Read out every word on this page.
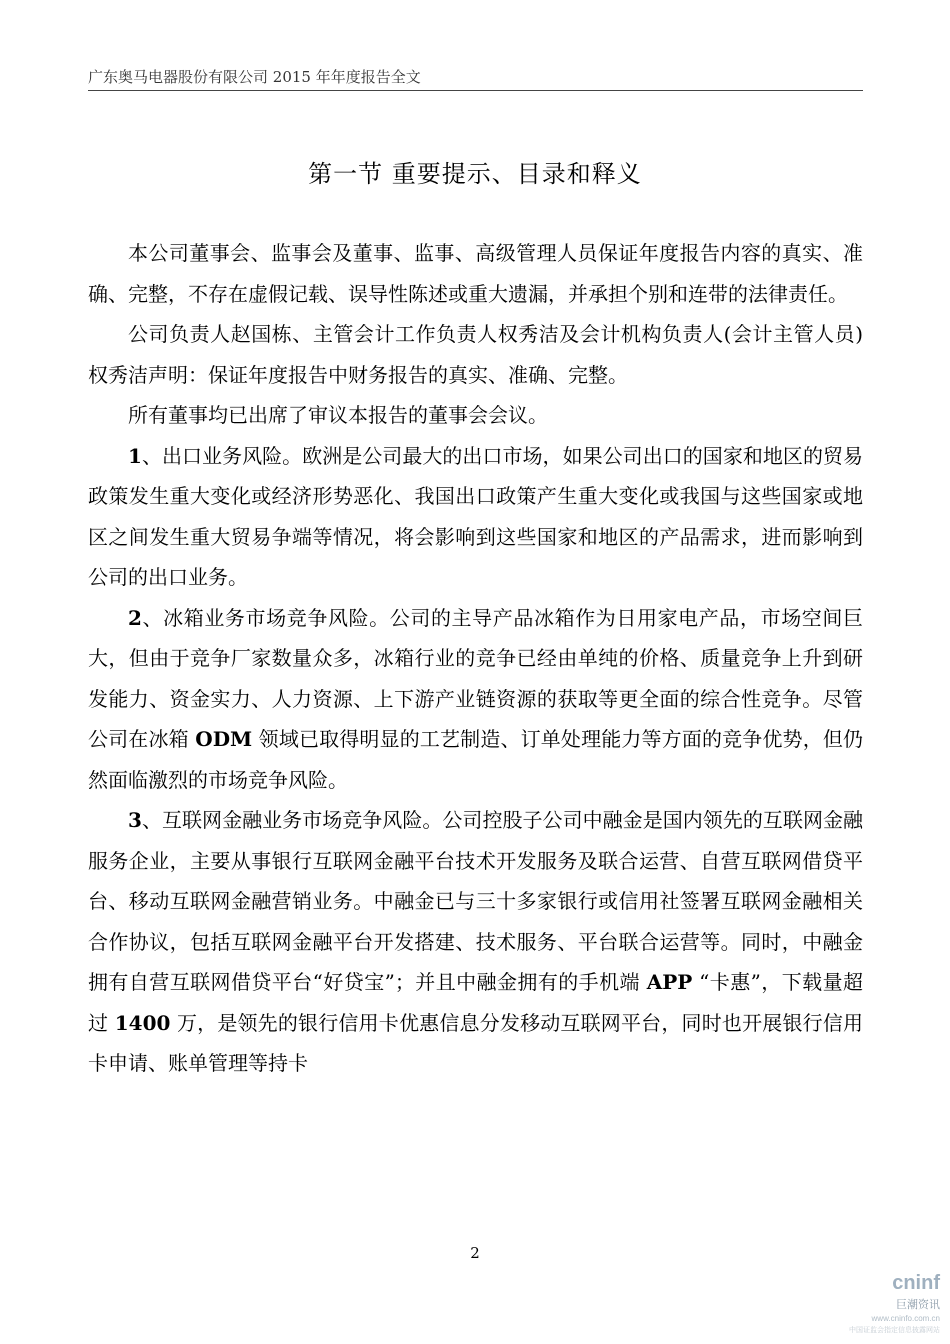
广东奥马电器股份有限公司 2015 年年度报告全文
第一节 重要提示、目录和释义

本公司董事会、监事会及董事、监事、高级管理人员保证年度报告内容的真实、准确、完整，不存在虚假记载、误导性陈述或重大遗漏，并承担个别和连带的法律责任。

公司负责人赵国栋、主管会计工作负责人权秀洁及会计机构负责人(会计主管人员)权秀洁声明：保证年度报告中财务报告的真实、准确、完整。

所有董事均已出席了审议本报告的董事会会议。

1、出口业务风险。欧洲是公司最大的出口市场，如果公司出口的国家和地区的贸易政策发生重大变化或经济形势恶化、我国出口政策产生重大变化或我国与这些国家或地区之间发生重大贸易争端等情况，将会影响到这些国家和地区的产品需求，进而影响到公司的出口业务。

2、冰箱业务市场竞争风险。公司的主导产品冰箱作为日用家电产品，市场空间巨大，但由于竞争厂家数量众多，冰箱行业的竞争已经由单纯的价格、质量竞争上升到研发能力、资金实力、人力资源、上下游产业链资源的获取等更全面的综合性竞争。尽管公司在冰箱 ODM 领域已取得明显的工艺制造、订单处理能力等方面的竞争优势，但仍然面临激烈的市场竞争风险。

3、互联网金融业务市场竞争风险。公司控股子公司中融金是国内领先的互联网金融服务企业，主要从事银行互联网金融平台技术开发服务及联合运营、自营互联网借贷平台、移动互联网金融营销业务。中融金已与三十多家银行或信用社签署互联网金融相关合作协议，包括互联网金融平台开发搭建、技术服务、平台联合运营等。同时，中融金拥有自营互联网借贷平台“好贷宝”；并且中融金拥有的手机端 APP “卡惠”，下载量超过 1400 万，是领先的银行信用卡优惠信息分发移动互联网平台，同时也开展银行信用卡申请、账单管理等持卡

2
cninf
巨潮资讯
www.cninfo.com.cn
中国证监会指定信息披露网站
